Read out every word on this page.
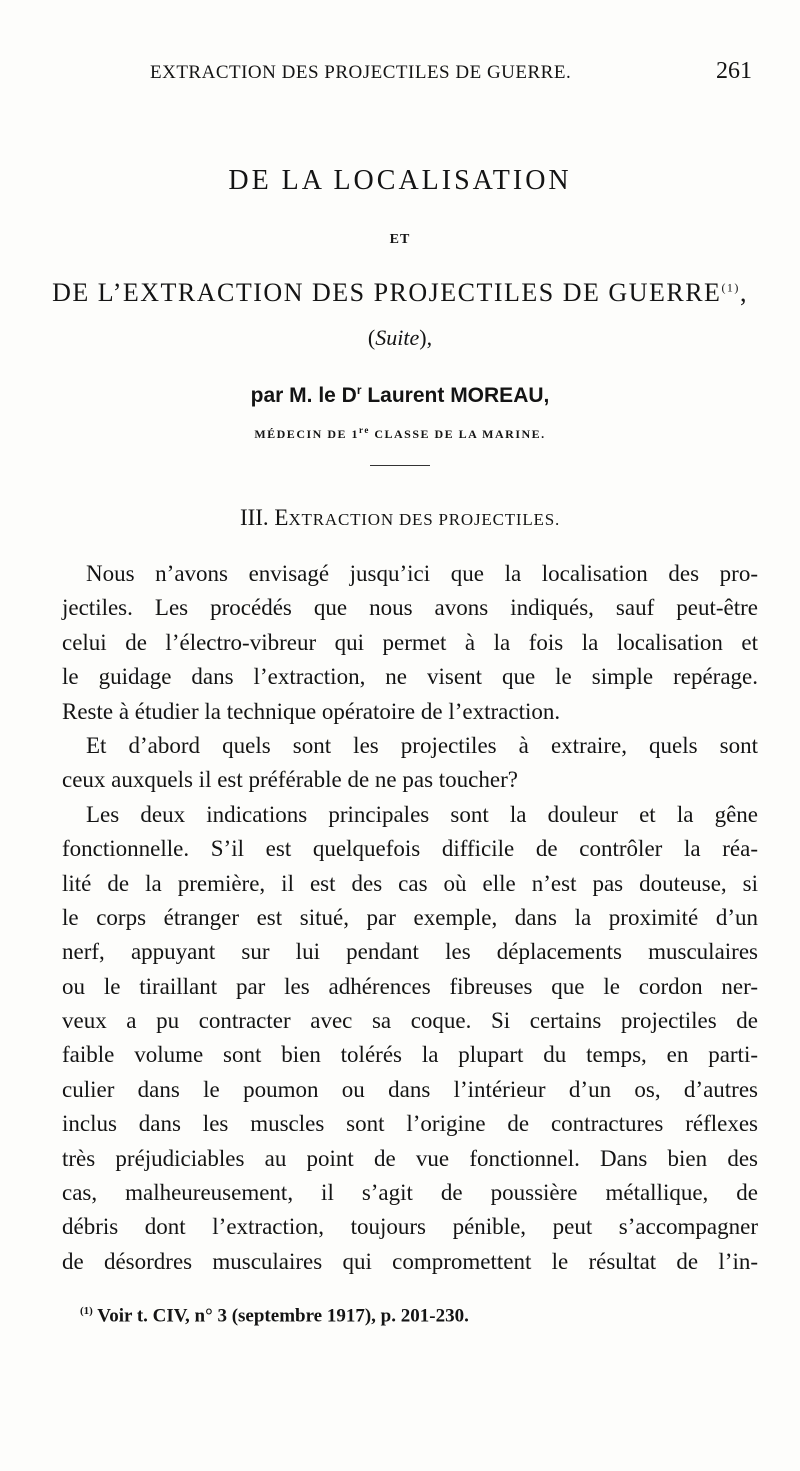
EXTRACTION DES PROJECTILES DE GUERRE.	261
DE LA LOCALISATION
ET
DE L’EXTRACTION DES PROJECTILES DE GUERRE$^{(1)}$,
(Suite),
par M. le $D^r$ Laurent MOREAU,
MÉDECIN DE 1re CLASSE DE LA MARINE.
III. EXTRACTION DES PROJECTILES.
Nous n’avons envisagé jusqu’ici que la localisation des pro-
jectiles. Les procédés que nous avons indiqués, sauf peut-être
celui de l’électro-vibreur qui permet à la fois la localisation et
le guidage dans l’extraction, ne visent que le simple repérage.
Reste à étudier la technique opératoire de l’extraction.
Et d’abord quels sont les projectiles à extraire, quels sont
ceux auxquels il est préférable de ne pas toucher?
Les deux indications principales sont la douleur et la gêne
fonctionnelle. S’il est quelquefois difficile de contrôler la réa-
lité de la première, il est des cas où elle n’est pas douteuse, si
le corps étranger est situé, par exemple, dans la proximité d’un
nerf, appuyant sur lui pendant les déplacements musculaires
ou le tiraillant par les adhérences fibreuses que le cordon ner-
veux a pu contracter avec sa coque. Si certains projectiles de
faible volume sont bien tolérés la plupart du temps, en parti-
culier dans le poumon ou dans l’intérieur d’un os, d’autres
inclus dans les muscles sont l’origine de contractures réflexes
très préjudiciables au point de vue fonctionnel. Dans bien des
cas, malheureusement, il s’agit de poussière métallique, de
débris dont l’extraction, toujours pénible, peut s’accompagner
de désordres musculaires qui compromettent le résultat de l’in-
$^{(1)}$ Voir t. CIV, n° 3 (septembre 1917), p. 201-230.
